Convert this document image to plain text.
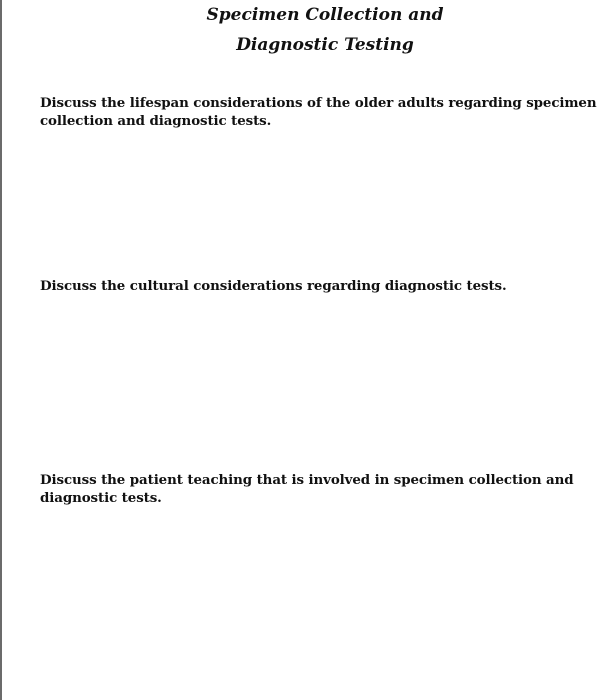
Specimen Collection and
Diagnostic Testing
Discuss the lifespan considerations of the older adults regarding specimen
collection and diagnostic tests.
Discuss the cultural considerations regarding diagnostic tests.
Discuss the patient teaching that is involved in specimen collection and
diagnostic tests.
